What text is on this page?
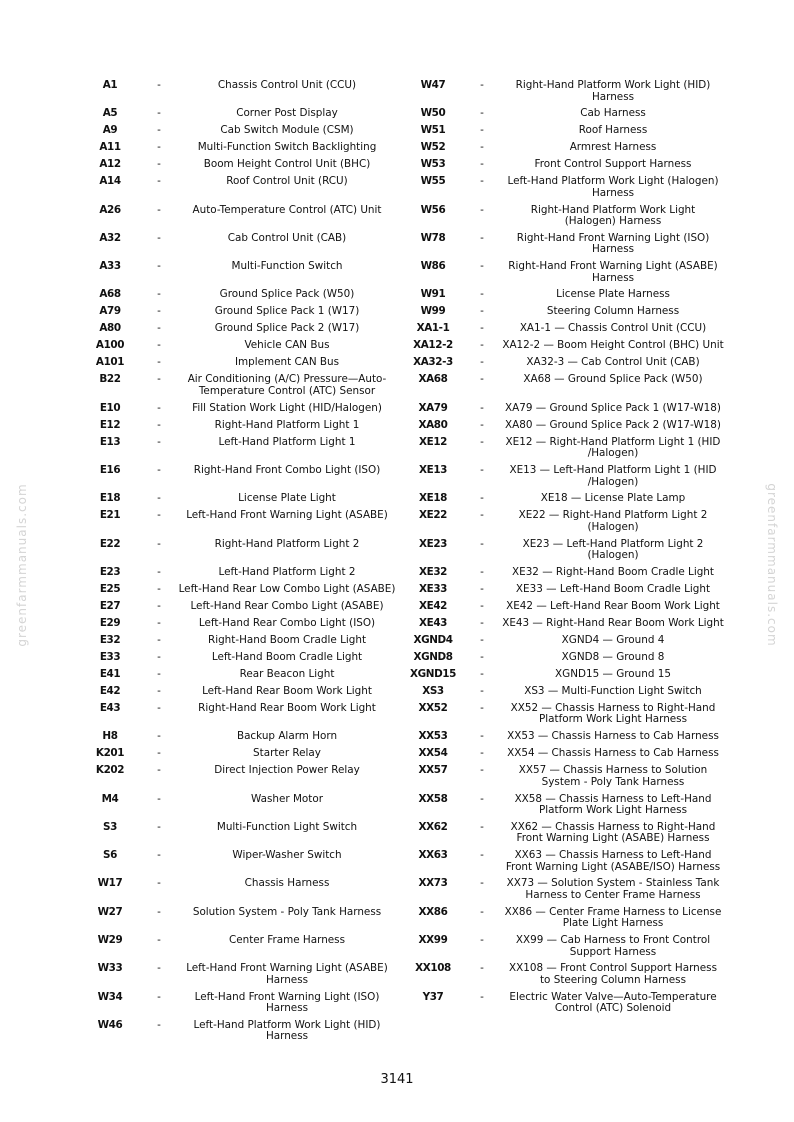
A1	-	Chassis Control Unit (CCU)
A5	-	Corner Post Display
A9	-	Cab Switch Module (CSM)
A11	-	Multi-Function Switch Backlighting
A12	-	Boom Height Control Unit (BHC)
A14	-	Roof Control Unit (RCU)
A26	-	Auto-Temperature Control (ATC) Unit
A32	-	Cab Control Unit (CAB)
A33	-	Multi-Function Switch
A68	-	Ground Splice Pack (W50)
A79	-	Ground Splice Pack 1 (W17)
A80	-	Ground Splice Pack 2 (W17)
A100	-	Vehicle CAN Bus
A101	-	Implement CAN Bus
B22	-	Air Conditioning (A/C) Pressure—Auto-
Temperature Control (ATC) Sensor
E10	-	Fill Station Work Light (HID/Halogen)
E12	-	Right-Hand Platform Light 1
E13	-	Left-Hand Platform Light 1
E16	-	Right-Hand Front Combo Light (ISO)
E18	-	License Plate Light
E21	-	Left-Hand Front Warning Light (ASABE)
E22	-	Right-Hand Platform Light 2
E23	-	Left-Hand Platform Light 2
E25	-	Left-Hand Rear Low Combo Light (ASABE)
E27	-	Left-Hand Rear Combo Light (ASABE)
E29	-	Left-Hand Rear Combo Light (ISO)
E32	-	Right-Hand Boom Cradle Light
E33	-	Left-Hand Boom Cradle Light
E41	-	Rear Beacon Light
E42	-	Left-Hand Rear Boom Work Light
E43	-	Right-Hand Rear Boom Work Light
H8	-	Backup Alarm Horn
K201	-	Starter Relay
K202	-	Direct Injection Power Relay
M4	-	Washer Motor
S3	-	Multi-Function Light Switch
S6	-	Wiper-Washer Switch
W17	-	Chassis Harness
W27	-	Solution System - Poly Tank Harness
W29	-	Center Frame Harness
W33	-	Left-Hand Front Warning Light (ASABE)
Harness
W34	-	Left-Hand Front Warning Light (ISO)
Harness
W46	-	Left-Hand Platform Work Light (HID)
Harness
W47	-	Right-Hand Platform Work Light (HID)
Harness
W50	-	Cab Harness
W51	-	Roof Harness
W52	-	Armrest Harness
W53	-	Front Control Support Harness
W55	-	Left-Hand Platform Work Light (Halogen)
Harness
W56	-	Right-Hand Platform Work Light
(Halogen) Harness
W78	-	Right-Hand Front Warning Light (ISO)
Harness
W86	-	Right-Hand Front Warning Light (ASABE)
Harness
W91	-	License Plate Harness
W99	-	Steering Column Harness
XA1-1	-	XA1-1 — Chassis Control Unit (CCU)
XA12-2	-	XA12-2 — Boom Height Control (BHC) Unit
XA32-3	-	XA32-3 — Cab Control Unit (CAB)
XA68	-	XA68 — Ground Splice Pack (W50)
XA79	-	XA79 — Ground Splice Pack 1 (W17-W18)
XA80	-	XA80 — Ground Splice Pack 2 (W17-W18)
XE12	-	XE12 — Right-Hand Platform Light 1 (HID
/Halogen)
XE13	-	XE13 — Left-Hand Platform Light 1 (HID
/Halogen)
XE18	-	XE18 — License Plate Lamp
XE22	-	XE22 — Right-Hand Platform Light 2
(Halogen)
XE23	-	XE23 — Left-Hand Platform Light 2
(Halogen)
XE32	-	XE32 — Right-Hand Boom Cradle Light
XE33	-	XE33 — Left-Hand Boom Cradle Light
XE42	-	XE42 — Left-Hand Rear Boom Work Light
XE43	-	XE43 — Right-Hand Rear Boom Work Light
XGND4	-	XGND4 — Ground 4
XGND8	-	XGND8 — Ground 8
XGND15	-	XGND15 — Ground 15
XS3	-	XS3 — Multi-Function Light Switch
XX52	-	XX52 — Chassis Harness to Right-Hand
Platform Work Light Harness
XX53	-	XX53 — Chassis Harness to Cab Harness
XX54	-	XX54 — Chassis Harness to Cab Harness
XX57	-	XX57 — Chassis Harness to Solution
System - Poly Tank Harness
XX58	-	XX58 — Chassis Harness to Left-Hand
Platform Work Light Harness
XX62	-	XX62 — Chassis Harness to Right-Hand
Front Warning Light (ASABE) Harness
XX63	-	XX63 — Chassis Harness to Left-Hand
Front Warning Light (ASABE/ISO) Harness
XX73	-	XX73 — Solution System - Stainless Tank
Harness to Center Frame Harness
XX86	-	XX86 — Center Frame Harness to License
Plate Light Harness
XX99	-	XX99 — Cab Harness to Front Control
Support Harness
XX108	-	XX108 — Front Control Support Harness
to Steering Column Harness
Y37	-	Electric Water Valve—Auto-Temperature
Control (ATC) Solenoid
greenfarmmanuals.com	greenfarmmanuals.com
3141
